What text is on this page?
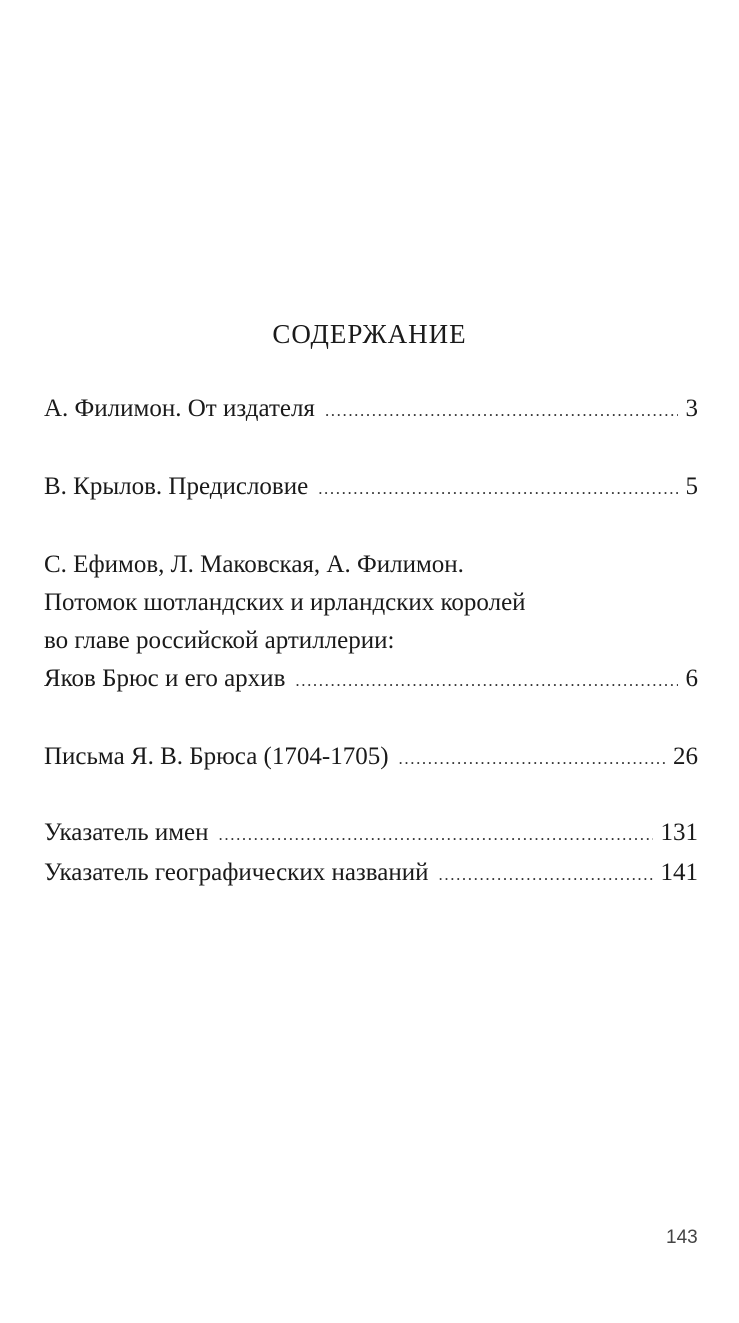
СОДЕРЖАНИЕ
А. Филимон. От издателя .....	3
В. Крылов. Предисловие .....	5
С. Ефимов, Л. Маковская, А. Филимон.
Потомок шотландских и ирландских королей
во главе российской артиллерии:
Яков Брюс и его архив .....	6
Письма Я. В. Брюса (1704-1705) .....	26
Указатель имен .....	131
Указатель географических названий .....	141
143
